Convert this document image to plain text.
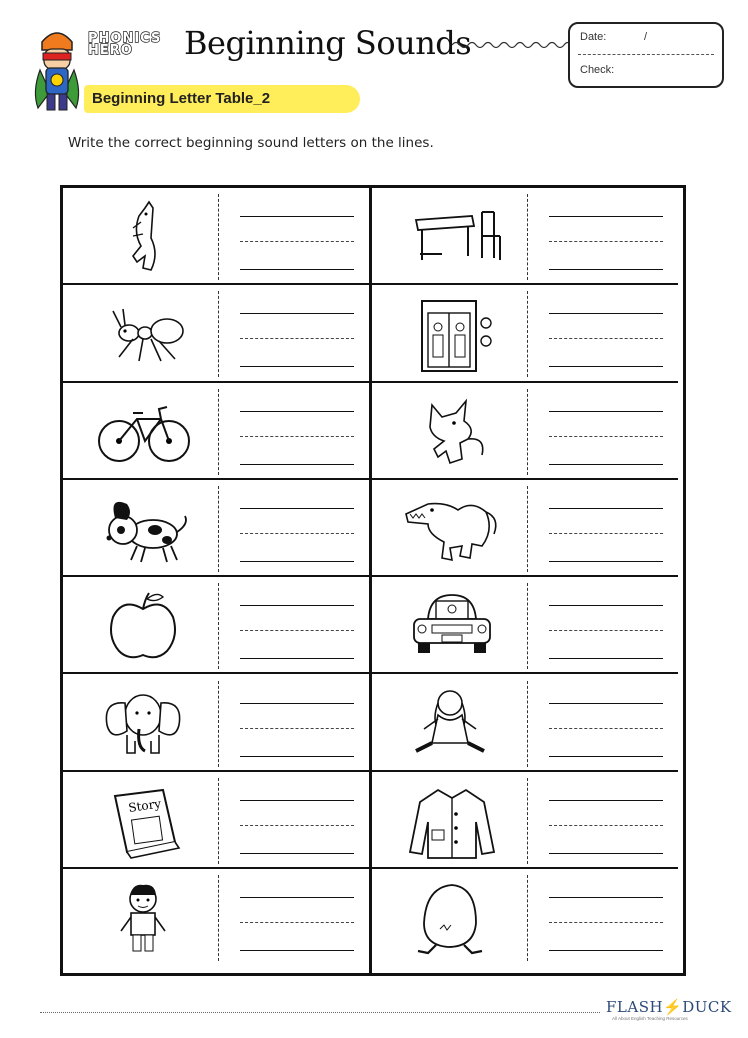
PHONICS
HERO	Beginning Sounds
Beginning Letter Table_2
Date:	/
Check:
Write the correct beginning sound letters on the lines.
Story
FLASH⚡DUCK
All About English Teaching Resources
